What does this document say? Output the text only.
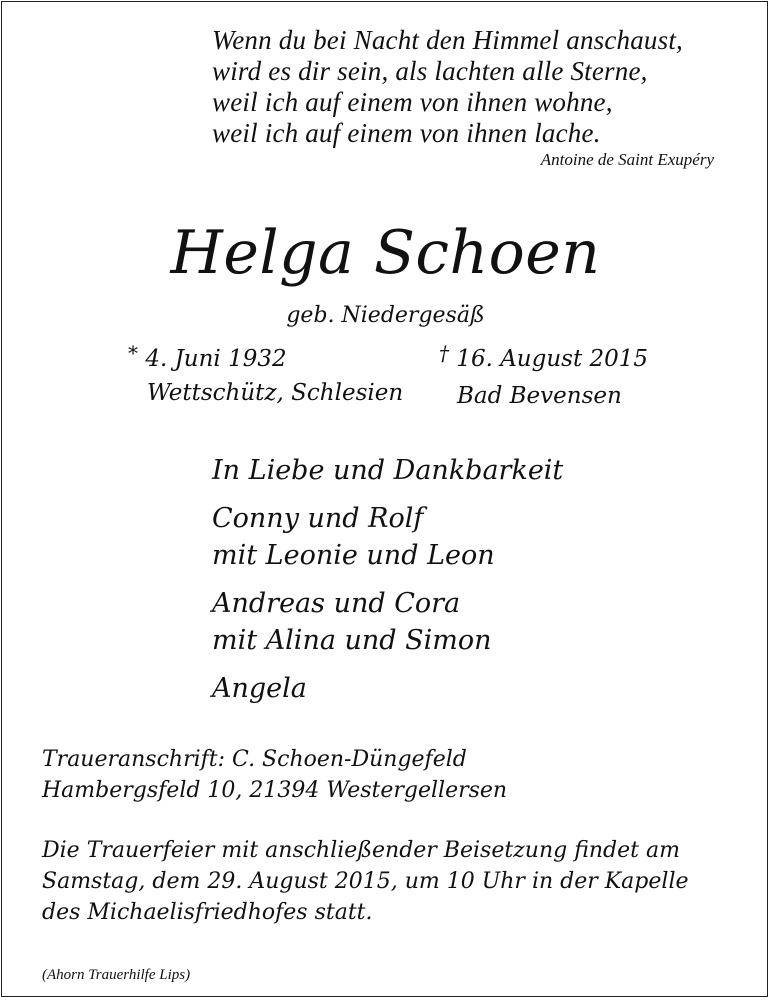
Wenn du bei Nacht den Himmel anschaust,
wird es dir sein, als lachten alle Sterne,
weil ich auf einem von ihnen wohne,
weil ich auf einem von ihnen lache.
Antoine de Saint Exupéry
Helga Schoen
geb. Niedergesäß
* 4. Juni 1932
Wettschütz, Schlesien
† 16. August 2015
Bad Bevensen
In Liebe und Dankbarkeit
Conny und Rolf
mit Leonie und Leon
Andreas und Cora
mit Alina und Simon
Angela
Traueranschrift: C. Schoen-Düngefeld
Hambergsfeld 10, 21394 Westergellersen
Die Trauerfeier mit anschließender Beisetzung findet am
Samstag, dem 29. August 2015, um 10 Uhr in der Kapelle
des Michaelisfriedhofes statt.
(Ahorn Trauerhilfe Lips)
